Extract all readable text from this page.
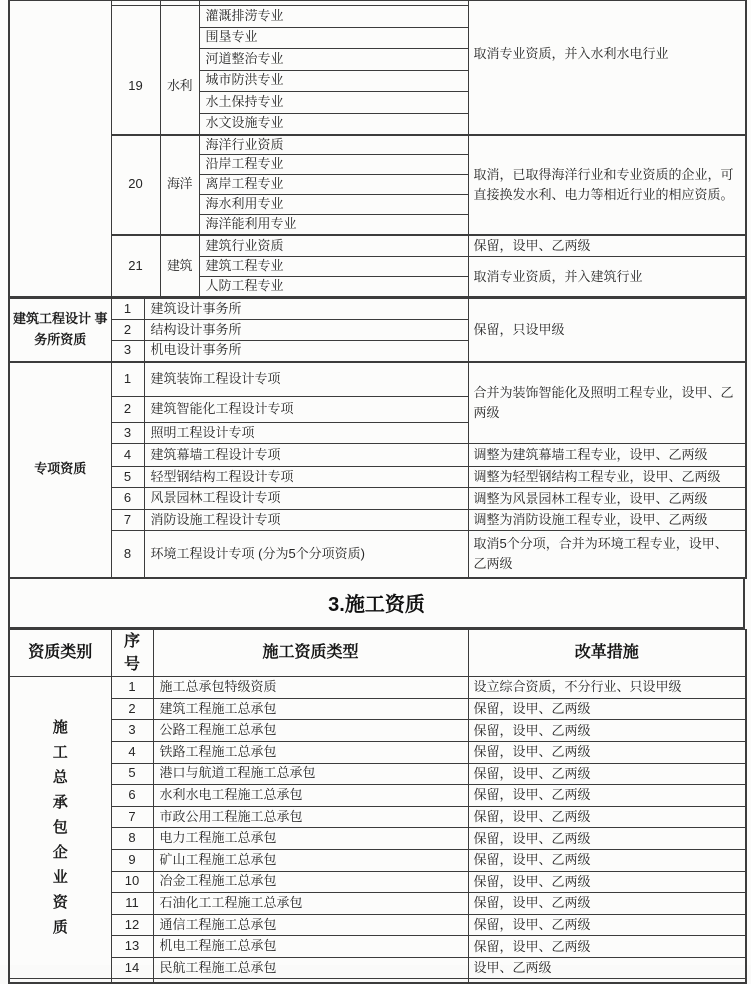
				取消专业资质，并入水利水电行业
	19	水利	灌溉排涝专业	
			围垦专业	
			河道整治专业	
			城市防洪专业	
			水土保持专业	
			水文设施专业	
	20	海洋	海洋行业资质	取消，已取得海洋行业和专业资质的企业，可直接换发水利、电力等相近行业的相应资质。
			沿岸工程专业	
			离岸工程专业	
			海水利用专业	
			海洋能利用专业	
	21	建筑	建筑行业资质	保留，设甲、乙两级
			建筑工程专业	取消专业资质，并入建筑行业
			人防工程专业	
建筑工程设计 事务所资质	1	建筑设计事务所	保留，只设甲级
	2	结构设计事务所	
	3	机电设计事务所	
专项资质	1	建筑装饰工程设计专项	合并为装饰智能化及照明工程专业，设甲、乙两级
	2	建筑智能化工程设计专项	
	3	照明工程设计专项	
	4	建筑幕墙工程设计专项	调整为建筑幕墙工程专业，设甲、乙两级
	5	轻型钢结构工程设计专项	调整为轻型钢结构工程专业，设甲、乙两级
	6	风景园林工程设计专项	调整为风景园林工程专业，设甲、乙两级
	7	消防设施工程设计专项	调整为消防设施工程专业，设甲、乙两级
	8	环境工程设计专项 (分为5个分项资质)	取消5个分项，合并为环境工程专业，设甲、乙两级
3.施工资质
资质类别	序号	施工资质类型	改革措施

施工总承包企业资质	1	施工总承包特级资质	设立综合资质，不分行业、只设甲级
	2	建筑工程施工总承包	保留，设甲、乙两级
	3	公路工程施工总承包	保留，设甲、乙两级
	4	铁路工程施工总承包	保留，设甲、乙两级
	5	港口与航道工程施工总承包	保留，设甲、乙两级
	6	水利水电工程施工总承包	保留，设甲、乙两级
	7	市政公用工程施工总承包	保留，设甲、乙两级
	8	电力工程施工总承包	保留，设甲、乙两级
	9	矿山工程施工总承包	保留，设甲、乙两级
	10	冶金工程施工总承包	保留，设甲、乙两级
	11	石油化工工程施工总承包	保留，设甲、乙两级
	12	通信工程施工总承包	保留，设甲、乙两级
	13	机电工程施工总承包	保留，设甲、乙两级
	14	民航工程施工总承包	设甲、乙两级
